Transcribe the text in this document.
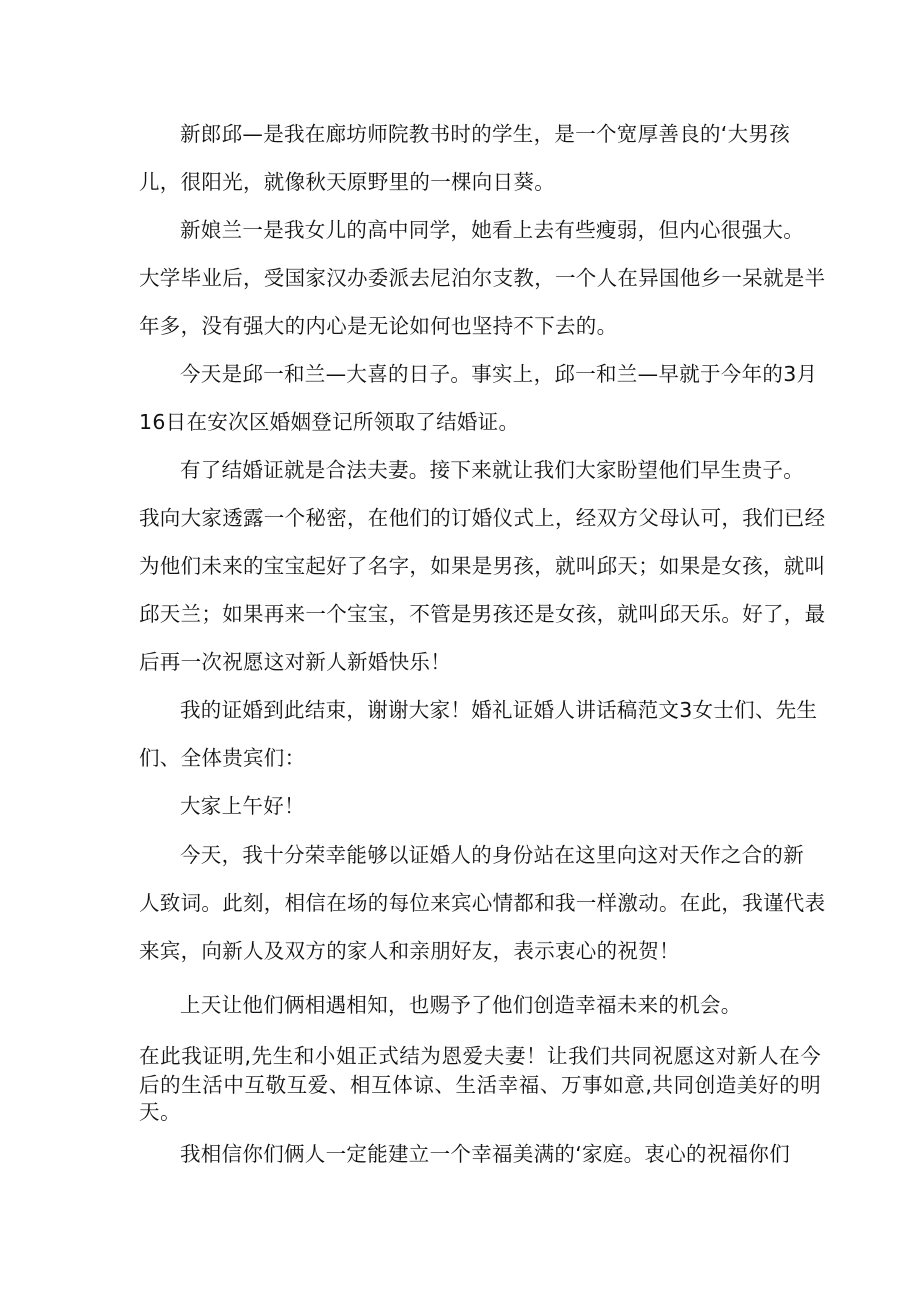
新郎邱—是我在廊坊师院教书时的学生，是一个宽厚善良的‘大男孩
儿，很阳光，就像秋天原野里的一棵向日葵。
新娘兰一是我女儿的高中同学，她看上去有些瘦弱，但内心很强大。
大学毕业后，受国家汉办委派去尼泊尔支教，一个人在异国他乡一呆就是半
年多，没有强大的内心是无论如何也坚持不下去的。
今天是邱一和兰—大喜的日子。事实上，邱一和兰—早就于今年的3月
16日在安次区婚姻登记所领取了结婚证。
有了结婚证就是合法夫妻。接下来就让我们大家盼望他们早生贵子。
我向大家透露一个秘密，在他们的订婚仪式上，经双方父母认可，我们已经
为他们未来的宝宝起好了名字，如果是男孩，就叫邱天；如果是女孩，就叫
邱天兰；如果再来一个宝宝，不管是男孩还是女孩，就叫邱天乐。好了，最
后再一次祝愿这对新人新婚快乐！
我的证婚到此结束，谢谢大家！婚礼证婚人讲话稿范文3女士们、先生
们、全体贵宾们：
大家上午好！
今天，我十分荣幸能够以证婚人的身份站在这里向这对天作之合的新
人致词。此刻，相信在场的每位来宾心情都和我一样激动。在此，我谨代表
来宾，向新人及双方的家人和亲朋好友，表示衷心的祝贺！
上天让他们俩相遇相知，也赐予了他们创造幸福未来的机会。
在此我证明,先生和小姐正式结为恩爱夫妻！让我们共同祝愿这对新人在今
后的生活中互敬互爱、相互体谅、生活幸福、万事如意,共同创造美好的明
天。
我相信你们俩人一定能建立一个幸福美满的‘家庭。衷心的祝福你们
